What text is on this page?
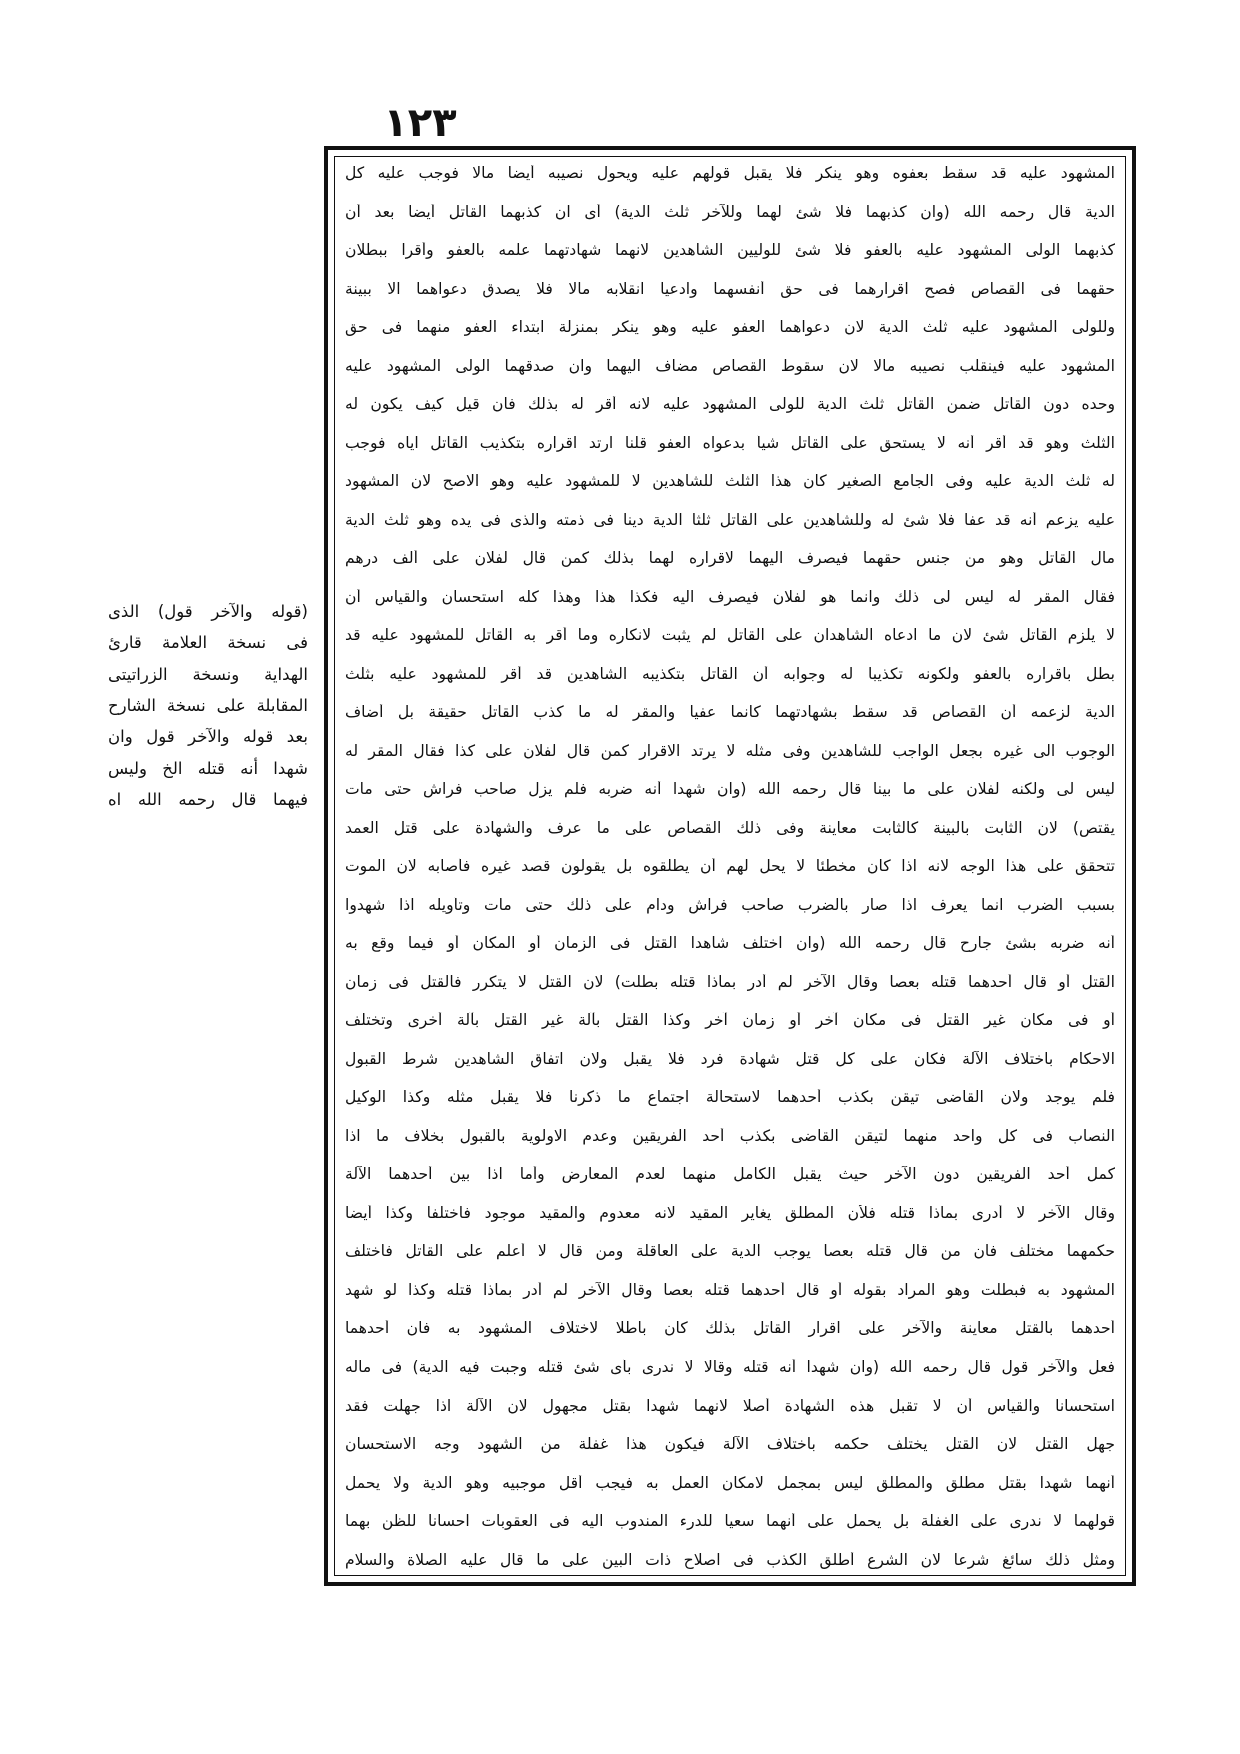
١٢٣
المشهود عليه قد سقط بعفوه وهو ينكر فلا يقبل قولهم عليه ويحول نصيبه أيضا مالا فوجب عليه كل
الدية قال رحمه الله (وان كذبهما فلا شئ لهما وللآخر ثلث الدية) أى ان كذبهما القاتل أيضا بعد أن
كذبهما الولى المشهود عليه بالعفو فلا شئ للوليين الشاهدين لانهما شهادتهما علمه بالعفو وأقرا ببطلان
حقهما فى القصاص فصح اقرارهما فى حق أنفسهما وادعيا انقلابه مالا فلا يصدق دعواهما الا ببينة
وللولى المشهود عليه ثلث الدية لان دعواهما العفو عليه وهو ينكر بمنزلة ابتداء العفو منهما فى حق
المشهود عليه فينقلب نصيبه مالا لان سقوط القصاص مضاف اليهما وان صدقهما الولى المشهود عليه
وحده دون القاتل ضمن القاتل ثلث الدية للولى المشهود عليه لانه أقر له بذلك فان قيل كيف يكون له
الثلث وهو قد أقر أنه لا يستحق على القاتل شيأ بدعواه العفو قلنا ارتد اقراره بتكذيب القاتل اياه فوجب
له ثلث الدية عليه وفى الجامع الصغير كان هذا الثلث للشاهدين لا للمشهود عليه وهو الاصح لان المشهود
عليه يزعم أنه قد عفا فلا شئ له وللشاهدين على القاتل ثلثا الدية دينا فى ذمته والذى فى يده وهو ثلث الدية
مال القاتل وهو من جنس حقهما فيصرف اليهما لاقراره لهما بذلك كمن قال لفلان على ألف درهم
فقال المقر له ليس لى ذلك وانما هو لفلان فيصرف اليه فكذا هذا وهذا كله استحسان والقياس أن
لا يلزم القاتل شئ لان ما ادعاه الشاهدان على القاتل لم يثبت لانكاره وما أقر به القاتل للمشهود عليه قد
بطل باقراره بالعفو ولكونه تكذيبا له وجوابه أن القاتل بتكذيبه الشاهدين قد أقر للمشهود عليه بثلث
الدية لزعمه أن القصاص قد سقط بشهادتهما كانما عفيا والمقر له ما كذب القاتل حقيقة بل أضاف
الوجوب الى غيره بجعل الواجب للشاهدين وفى مثله لا يرتد الاقرار كمن قال لفلان على كذا فقال المقر له
ليس لى ولكنه لفلان على ما بينا قال رحمه الله (وان شهدا أنه ضربه فلم يزل صاحب فراش حتى مات
يقتص) لان الثابت بالبينة كالثابت معاينة وفى ذلك القصاص على ما عرف والشهادة على قتل العمد
تتحقق على هذا الوجه لانه اذا كان مخطئا لا يحل لهم أن يطلقوه بل يقولون قصد غيره فأصابه لان الموت
بسبب الضرب انما يعرف اذا صار بالضرب صاحب فراش ودام على ذلك حتى مات وتأويله اذا شهدوا
أنه ضربه بشئ جارح قال رحمه الله (وان اختلف شاهدا القتل فى الزمان أو المكان أو فيما وقع به
القتل أو قال أحدهما قتله بعصا وقال الآخر لم أدر بماذا قتله بطلت) لان القتل لا يتكرر فالقتل فى زمان
أو فى مكان غير القتل فى مكان آخر أو زمان آخر وكذا القتل بآلة غير القتل بآلة أخرى وتختلف
الاحكام باختلاف الآلة فكان على كل قتل شهادة فرد فلا يقبل ولان اتفاق الشاهدين شرط القبول
فلم يوجد ولان القاضى تيقن بكذب أحدهما لاستحالة اجتماع ما ذكرنا فلا يقبل مثله وكذا الوكيل
النصاب فى كل واحد منهما لتيقن القاضى بكذب أحد الفريقين وعدم الاولوية بالقبول بخلاف ما اذا
كمل أحد الفريقين دون الآخر حيث يقبل الكامل منهما لعدم المعارض وأما اذا بين أحدهما الآلة
وقال الآخر لا أدرى بماذا قتله فلأن المطلق يغاير المقيد لانه معدوم والمقيد موجود فاختلفا وكذا أيضا
حكمهما مختلف فان من قال قتله بعصا يوجب الدية على العاقلة ومن قال لا أعلم على القاتل فاختلف
المشهود به فبطلت وهو المراد بقوله أو قال أحدهما قتله بعصا وقال الآخر لم أدر بماذا قتله وكذا لو شهد
أحدهما بالقتل معاينة والآخر على اقرار القاتل بذلك كان باطلا لاختلاف المشهود به فان أحدهما
فعل والآخر قول قال رحمه الله (وان شهدا أنه قتله وقالا لا ندرى بأى شئ قتله وجبت فيه الدية) فى ماله
استحسانا والقياس أن لا تقبل هذه الشهادة أصلا لانهما شهدا بقتل مجهول لان الآلة اذا جهلت فقد
جهل القتل لان القتل يختلف حكمه باختلاف الآلة فيكون هذا غفلة من الشهود وجه الاستحسان
أنهما شهدا بقتل مطلق والمطلق ليس بمجمل لامكان العمل به فيجب أقل موجبيه وهو الدية ولا يحمل
قولهما لا ندرى على الغفلة بل يحمل على أنهما سعيا للدرء المندوب اليه فى العقوبات احسانا للظن بهما
ومثل ذلك سائغ شرعا لان الشرع أطلق الكذب فى اصلاح ذات البين على ما قال عليه الصلاة والسلام
(قوله والآخر قول) الذى
فى نسخة العلامة قارئ
الهداية ونسخة الزراتيتى
المقابلة على نسخة الشارح
بعد قوله والآخر قول وان
شهدا أنه قتله الخ وليس
فيهما قال رحمه الله اه
